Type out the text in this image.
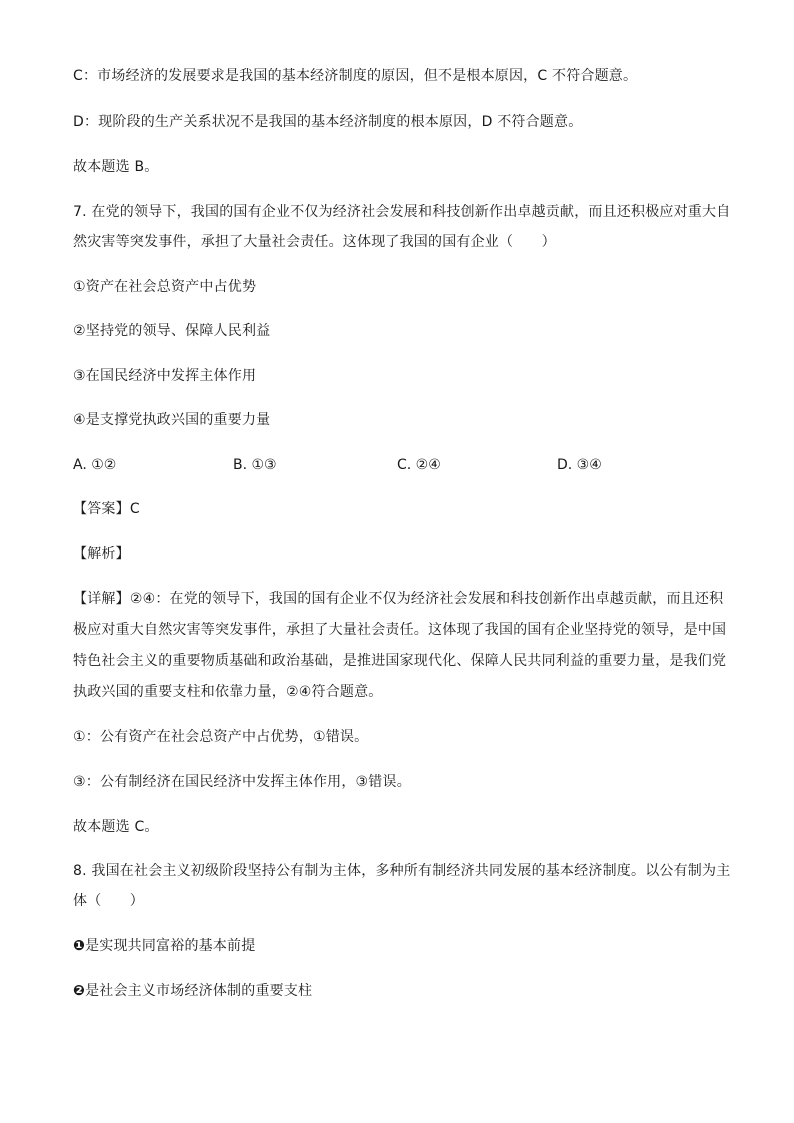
C：市场经济的发展要求是我国的基本经济制度的原因，但不是根本原因，C 不符合题意。
D：现阶段的生产关系状况不是我国的基本经济制度的根本原因，D 不符合题意。
故本题选 B。
7. 在党的领导下，我国的国有企业不仅为经济社会发展和科技创新作出卓越贡献，而且还积极应对重大自
然灾害等突发事件，承担了大量社会责任。这体现了我国的国有企业（　　）
①资产在社会总资产中占优势
②坚持党的领导、保障人民利益
③在国民经济中发挥主体作用
④是支撑党执政兴国的重要力量
A. ①②	B. ①③	C. ②④	D. ③④
【答案】C
【解析】
【详解】②④：在党的领导下，我国的国有企业不仅为经济社会发展和科技创新作出卓越贡献，而且还积
极应对重大自然灾害等突发事件，承担了大量社会责任。这体现了我国的国有企业坚持党的领导，是中国
特色社会主义的重要物质基础和政治基础，是推进国家现代化、保障人民共同利益的重要力量，是我们党
执政兴国的重要支柱和依靠力量，②④符合题意。
①：公有资产在社会总资产中占优势，①错误。
③：公有制经济在国民经济中发挥主体作用，③错误。
故本题选 C。
8. 我国在社会主义初级阶段坚持公有制为主体，多种所有制经济共同发展的基本经济制度。以公有制为主
体（　　）
❶是实现共同富裕的基本前提
❷是社会主义市场经济体制的重要支柱
